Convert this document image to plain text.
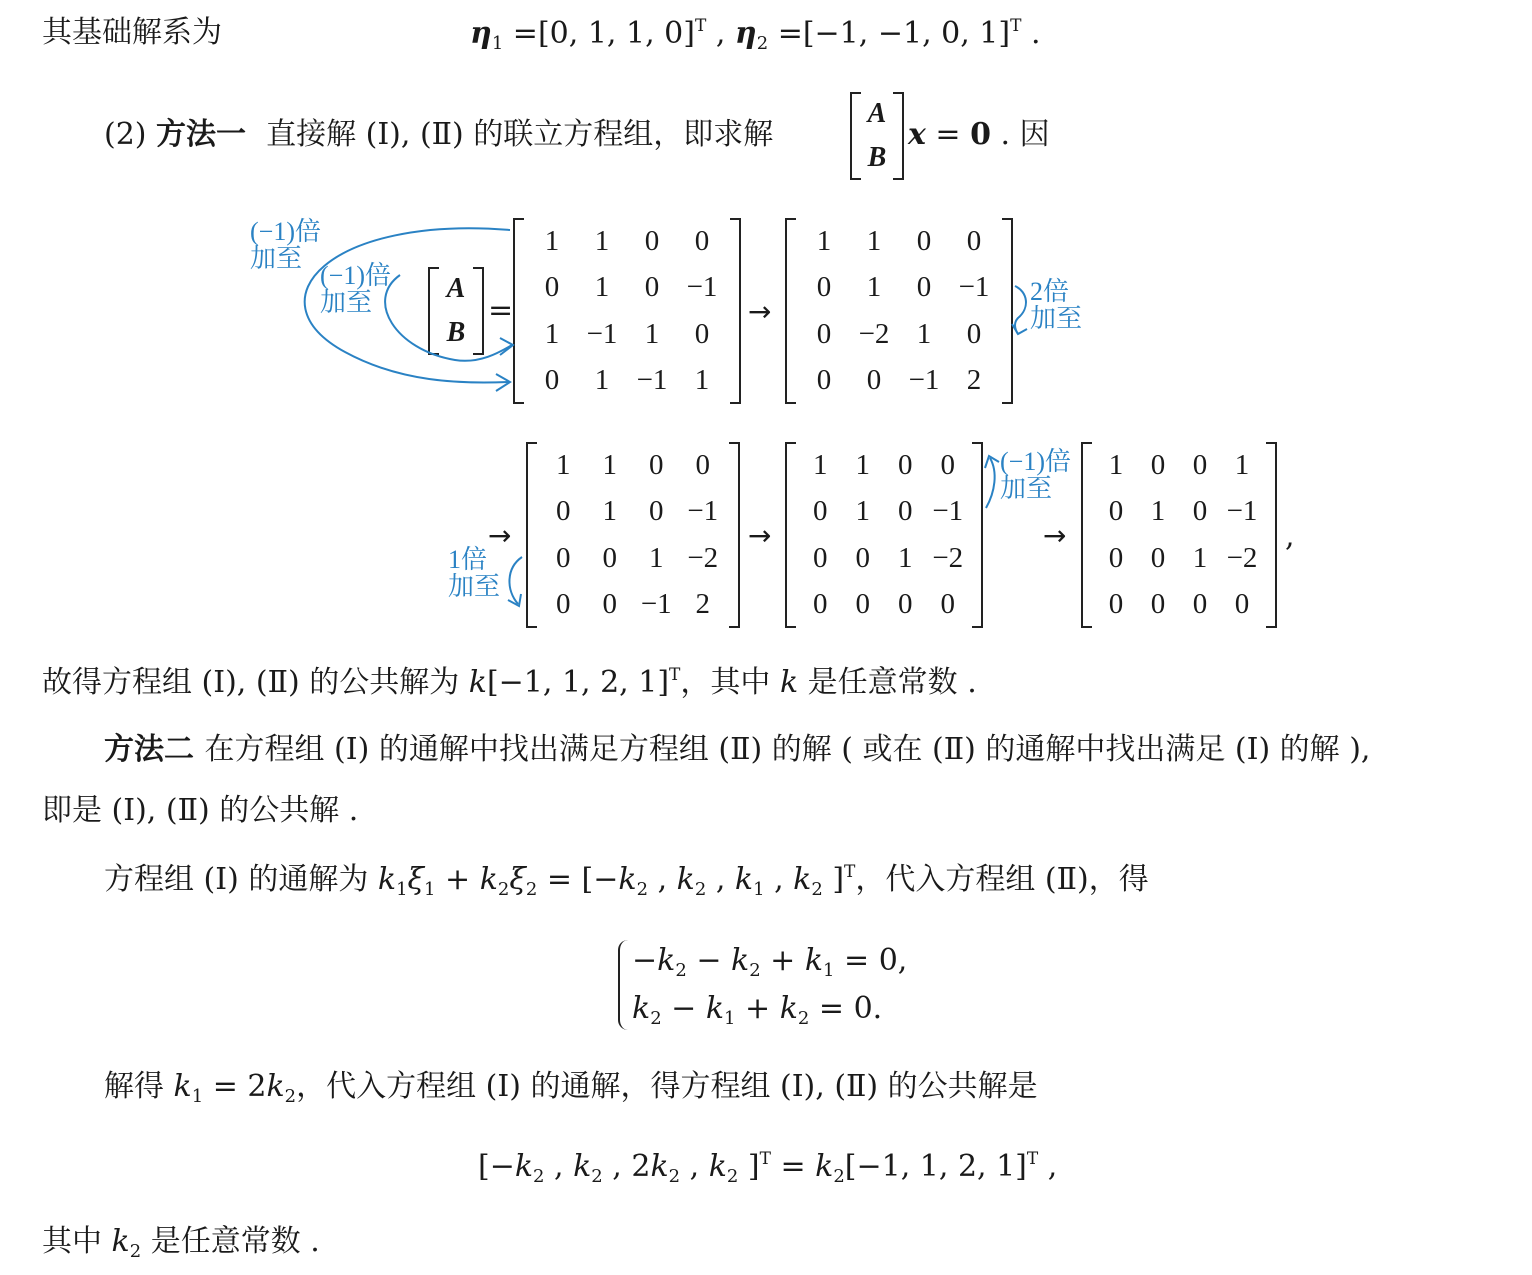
其基础解系为	$\eta_1 =[0$, 1, 1, 0]$^T$ , $\eta_2 =[-1$, −1, 0, 1]$^T$ .
(2) 方法一 直接解 (Ⅰ), (Ⅱ) 的联立方程组，即求解
A
B
x = 0 . 因
A
B
=
1 1 0 0
0 1 0 −1
1 −1 1 0
0 1 −1 1
→
1 1 0 0
0 1 0 −1
0 −2 1 0
0 0 −1 2
→
1 1 0 0
0 1 0 −1
0 0 1 −2
0 0 −1 2
→
1 1 0 0
0 1 0 −1
0 0 1 −2
0 0 0 0
→
1 0 0 1
0 1 0 −1
0 0 1 −2
0 0 0 0
,
(−1)倍
加至
(−1)倍
加至	2倍
加至
1倍
加至
(−1)倍
加至
故得方程组 (Ⅰ), (Ⅱ) 的公共解为 k[−1, 1, 2, 1]$^T$，其中 k 是任意常数 .
方法二 在方程组 (Ⅰ) 的通解中找出满足方程组 (Ⅱ) 的解 ( 或在 (Ⅱ) 的通解中找出满足 (Ⅰ) 的解 ),
即是 (Ⅰ), (Ⅱ) 的公共解 .
方程组 (Ⅰ) 的通解为 $k_1\xi_1 + k_2\xi_2 = [-k_2$ , $k_2$ , $k_1$ , $k_2$ ]$^T$，代入方程组 (Ⅱ)，得
$-k_2 - k_2 + k_1 = 0$,
$k_2 - k_1 + k_2 = 0$.
解得 $k_1 = 2k_2$，代入方程组 (Ⅰ) 的通解，得方程组 (Ⅰ), (Ⅱ) 的公共解是
[$-k_2$ , $k_2$ , $2k_2$ , $k_2$ ]$^T = k_2[-1$, 1, 2, 1]$^T$ ,
其中 $k_2$ 是任意常数 .
